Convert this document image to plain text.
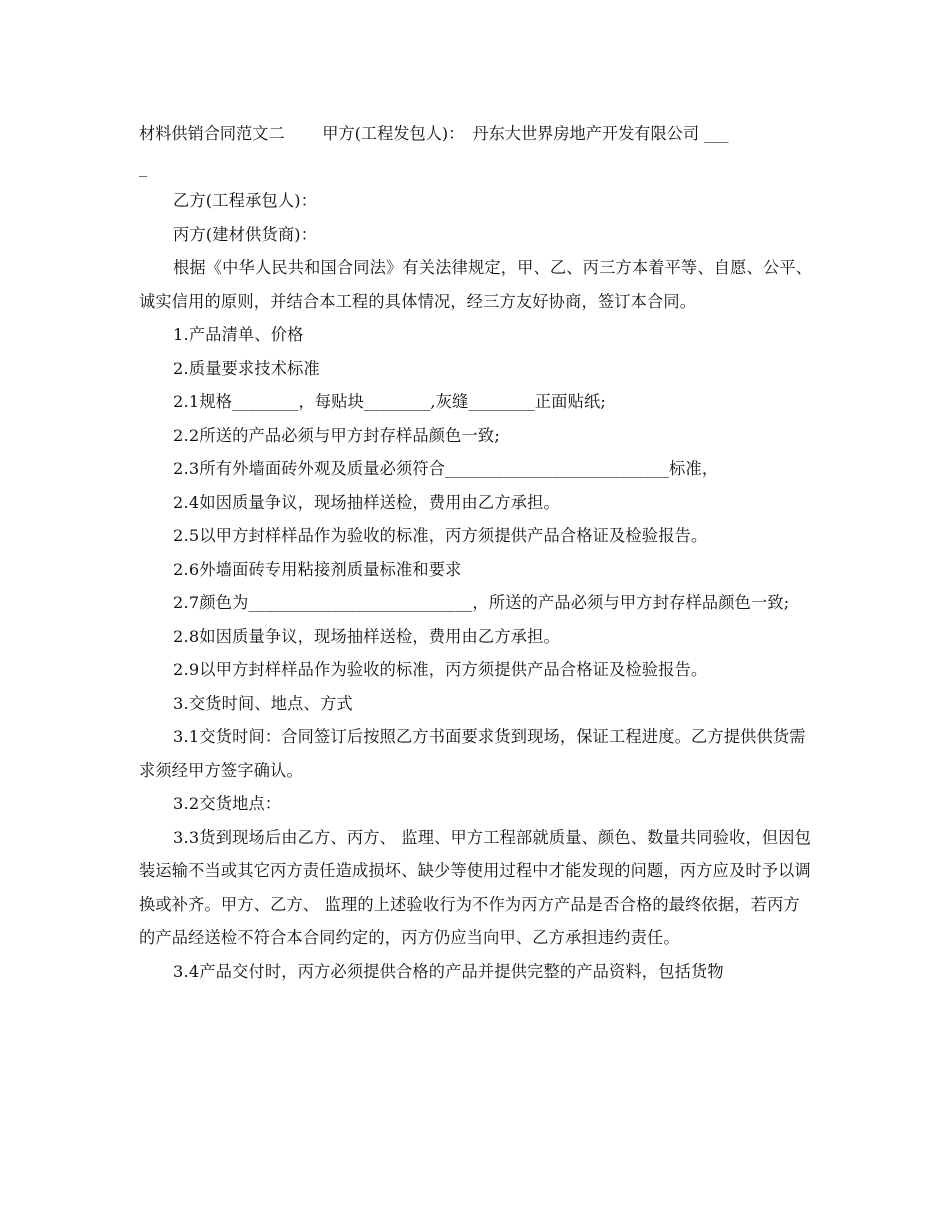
材料供销合同范文二　　 甲方(工程发包人)：　丹东大世界房地产开发有限公司 ___

_

乙方(工程承包人)：

丙方(建材供货商)：

根据《中华人民共和国合同法》有关法律规定，甲、乙、丙三方本着平等、自愿、公平、诚实信用的原则，并结合本工程的具体情况，经三方友好协商，签订本合同。

1.产品清单、价格

2.质量要求技术标准

2.1规格________，每贴块________,灰缝________正面贴纸;

2.2所送的产品必须与甲方封存样品颜色一致;

2.3所有外墙面砖外观及质量必须符合___________________________标准，

2.4如因质量争议，现场抽样送检，费用由乙方承担。

2.5以甲方封样样品作为验收的标准，丙方须提供产品合格证及检验报告。

2.6外墙面砖专用粘接剂质量标准和要求

2.7颜色为___________________________，所送的产品必须与甲方封存样品颜色一致;

2.8如因质量争议，现场抽样送检，费用由乙方承担。

2.9以甲方封样样品作为验收的标准，丙方须提供产品合格证及检验报告。

3.交货时间、地点、方式

3.1交货时间：合同签订后按照乙方书面要求货到现场，保证工程进度。乙方提供供货需求须经甲方签字确认。

3.2交货地点：

3.3货到现场后由乙方、丙方、 监理、甲方工程部就质量、颜色、数量共同验收，但因包装运输不当或其它丙方责任造成损坏、缺少等使用过程中才能发现的问题，丙方应及时予以调换或补齐。甲方、乙方、 监理的上述验收行为不作为丙方产品是否合格的最终依据，若丙方的产品经送检不符合本合同约定的，丙方仍应当向甲、乙方承担违约责任。

3.4产品交付时，丙方必须提供合格的产品并提供完整的产品资料，包括货物
